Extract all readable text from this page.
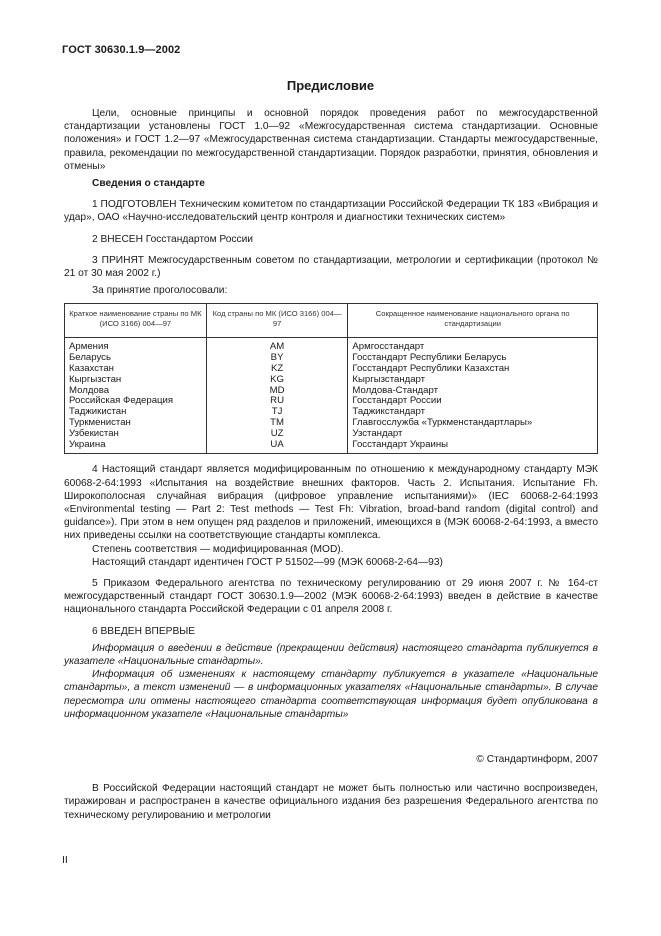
ГОСТ 30630.1.9—2002
Предисловие

Цели, основные принципы и основной порядок проведения работ по межгосударственной стандартизации установлены ГОСТ 1.0—92 «Межгосударственная система стандартизации. Основные положения» и ГОСТ 1.2—97 «Межгосударственная система стандартизации. Стандарты межгосударственные, правила, рекомендации по межгосударственной стандартизации. Порядок разработки, принятия, обновления и отмены»

Сведения о стандарте

1 ПОДГОТОВЛЕН Техническим комитетом по стандартизации Российской Федерации ТК 183 «Вибрация и удар», ОАО «Научно-исследовательский центр контроля и диагностики технических систем»

2 ВНЕСЕН Госстандартом России

3 ПРИНЯТ Межгосударственным советом по стандартизации, метрологии и сертификации (протокол № 21 от 30 мая 2002 г.)

За принятие проголосовали:

Краткое наименование страны по МК (ИСО 3166) 004—97	Код страны по МК (ИСО 3166) 004—97	Сокращенное наименование национального органа по стандартизации
Армения	AM	Армгосстандарт
Беларусь	BY	Госстандарт Республики Беларусь
Казахстан	KZ	Госстандарт Республики Казахстан
Кыргызстан	KG	Кыргызстандарт
Молдова	MD	Молдова-Стандарт
Российская Федерация	RU	Госстандарт России
Таджикистан	TJ	Таджикстандарт
Туркменистан	TM	Главгосслужба «Туркменстандартлары»
Узбекистан	UZ	Узстандарт
Украина	UA	Госстандарт Украины

4 Настоящий стандарт является модифицированным по отношению к международному стандарту МЭК 60068-2-64:1993 «Испытания на воздействие внешних факторов. Часть 2. Испытания. Испытание Fh. Широкополосная случайная вибрация (цифровое управление испытаниями)» (IEC 60068-2-64:1993 «Environmental testing — Part 2: Test methods — Test Fh: Vibration, broad-band random (digital control) and guidance»). При этом в нем опущен ряд разделов и приложений, имеющихся в (МЭК 60068-2-64:1993, а вместо них приведены ссылки на соответствующие стандарты комплекса.

Степень соответствия — модифицированная (MOD).

Настоящий стандарт идентичен ГОСТ Р 51502—99 (МЭК 60068-2-64—93)

5 Приказом Федерального агентства по техническому регулированию от 29 июня 2007 г. № 164-ст межгосударственный стандарт ГОСТ 30630.1.9—2002 (МЭК 60068-2-64:1993) введен в действие в качестве национального стандарта Российской Федерации с 01 апреля 2008 г.

6 ВВЕДЕН ВПЕРВЫЕ

Информация о введении в действие (прекращении действия) настоящего стандарта публикуется в указателе «Национальные стандарты».

Информация об изменениях к настоящему стандарту публикуется в указателе «Национальные стандарты», а текст изменений — в информационных указателях «Национальные стандарты». В случае пересмотра или отмены настоящего стандарта соответствующая информация будет опубликована в информационном указателе «Национальные стандарты»

© Стандартинформ, 2007

В Российской Федерации настоящий стандарт не может быть полностью или частично воспроизведен, тиражирован и распространен в качестве официального издания без разрешения Федерального агентства по техническому регулированию и метрологии

II
